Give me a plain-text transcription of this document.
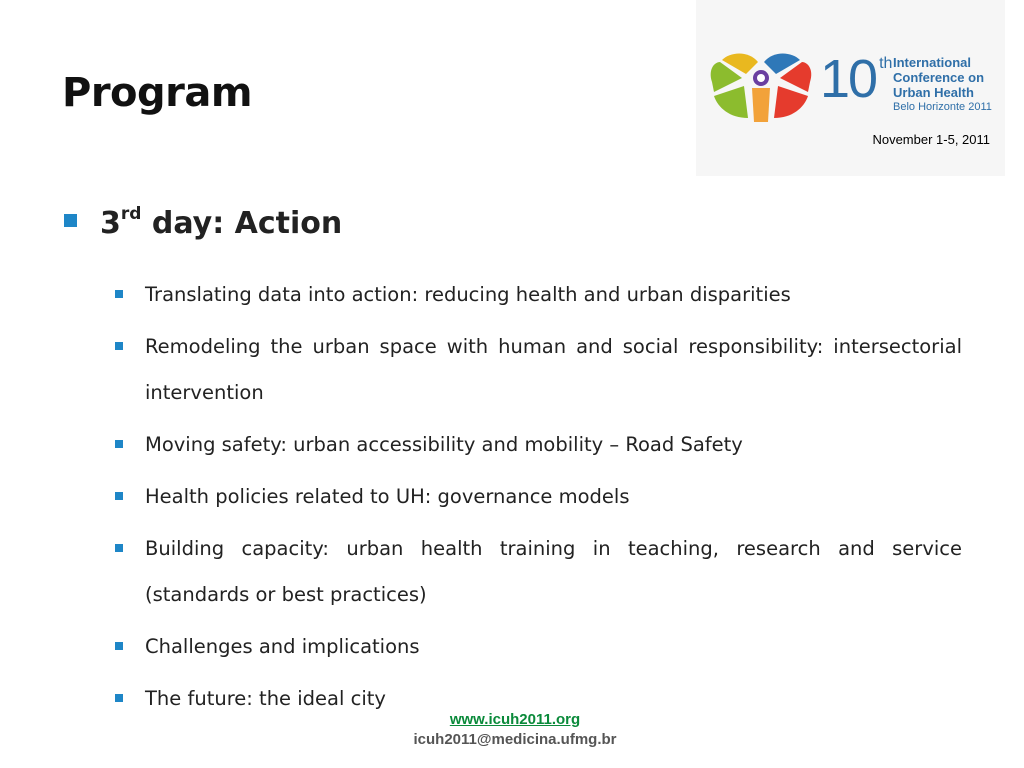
Program	10 $^{th}$ International
Conference on
Urban Health
Belo Horizonte 2011
November 1-5, 2011
3rd day: Action
Translating data into action: reducing health and urban disparities
Remodeling the urban space with human and social responsibility: intersectorial intervention
Moving safety: urban accessibility and mobility – Road Safety
Health policies related to UH: governance models
Building capacity: urban health training in teaching, research and service (standards or best practices)
Challenges and implications
The future: the ideal city
www.icuh2011.org
icuh2011@medicina.ufmg.br
